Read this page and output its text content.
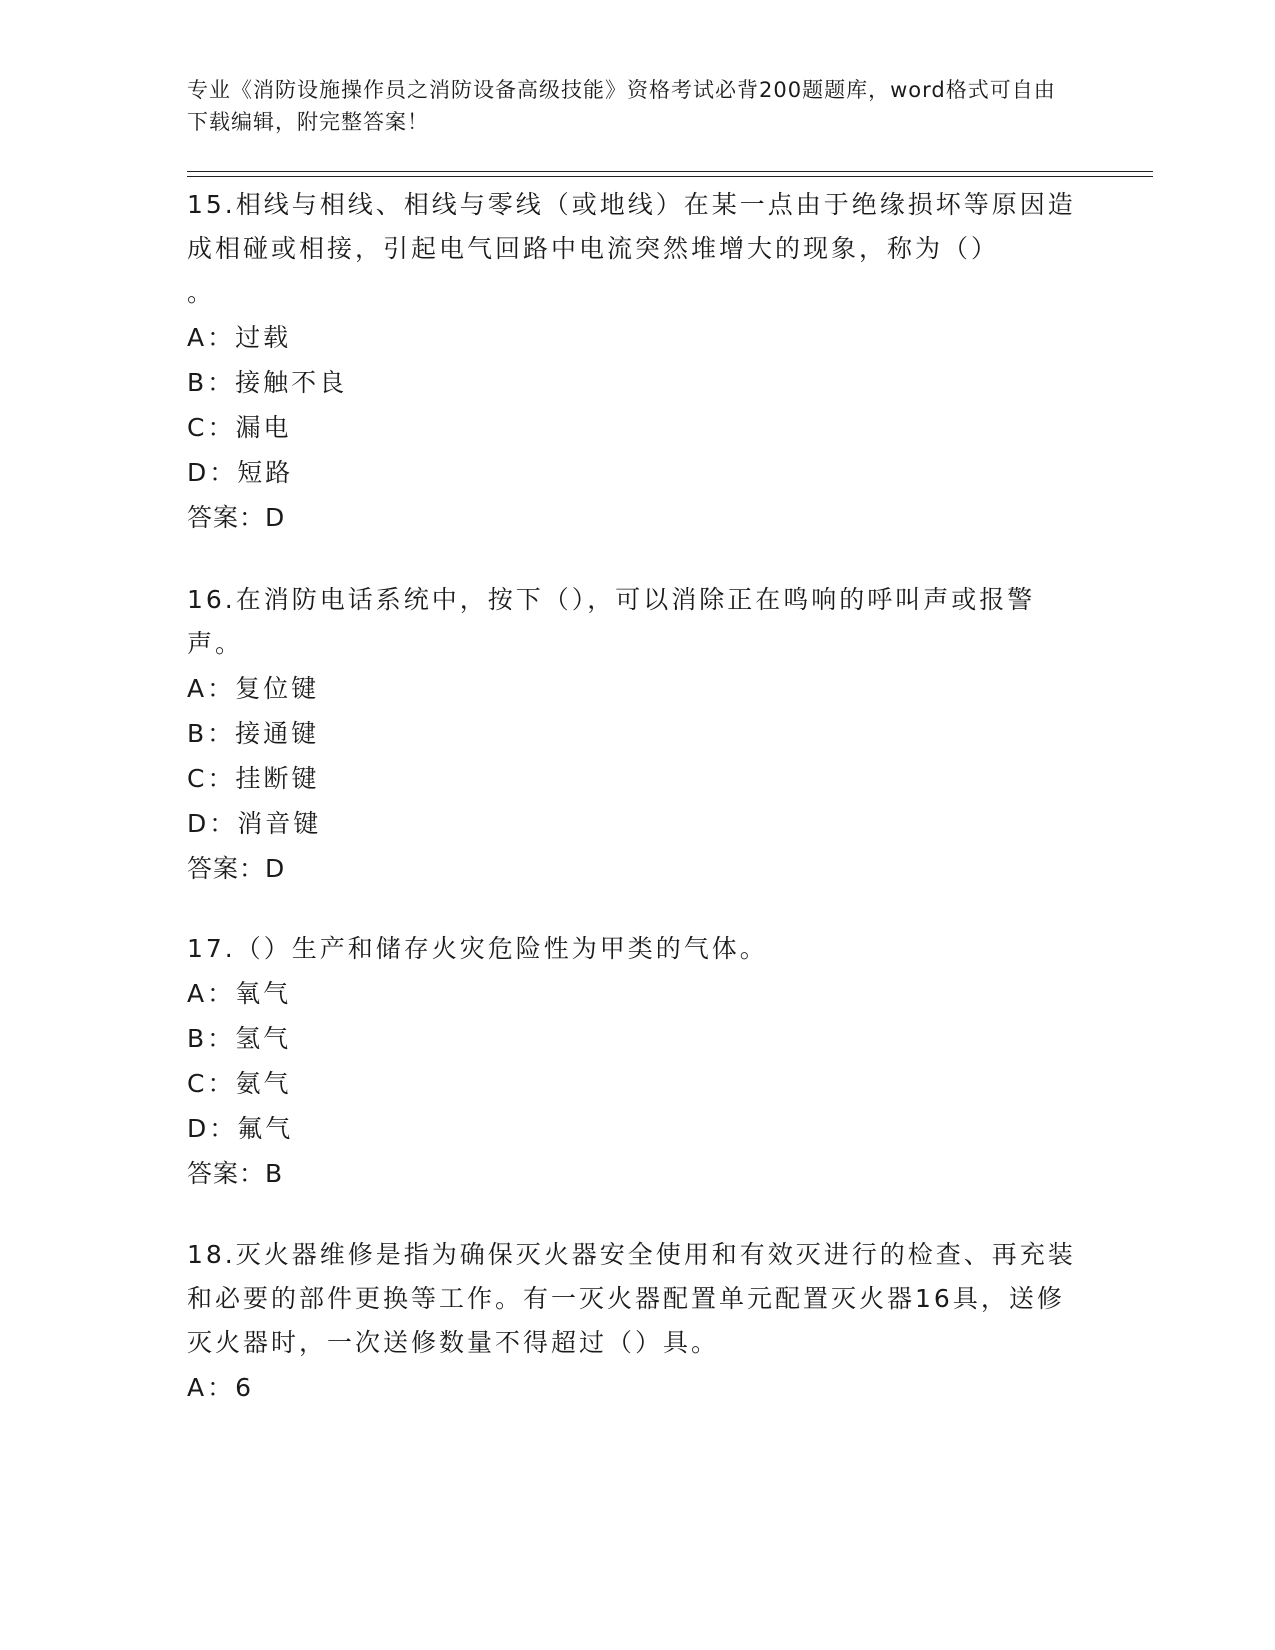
专业《消防设施操作员之消防设备高级技能》资格考试必背200题题库，word格式可自由下载编辑，附完整答案！
15.相线与相线、相线与零线（或地线）在某一点由于绝缘损坏等原因造成相碰或相接，引起电气回路中电流突然堆增大的现象，称为（）
。
A：过载
B：接触不良
C：漏电
D：短路
答案：D
16.在消防电话系统中，按下（），可以消除正在鸣响的呼叫声或报警声。
A：复位键
B：接通键
C：挂断键
D：消音键
答案：D
17.（）生产和储存火灾危险性为甲类的气体。
A：氧气
B：氢气
C：氨气
D：氟气
答案：B
18.灭火器维修是指为确保灭火器安全使用和有效灭进行的检查、再充装和必要的部件更换等工作。有一灭火器配置单元配置灭火器16具，送修灭火器时，一次送修数量不得超过（）具。
A：6
